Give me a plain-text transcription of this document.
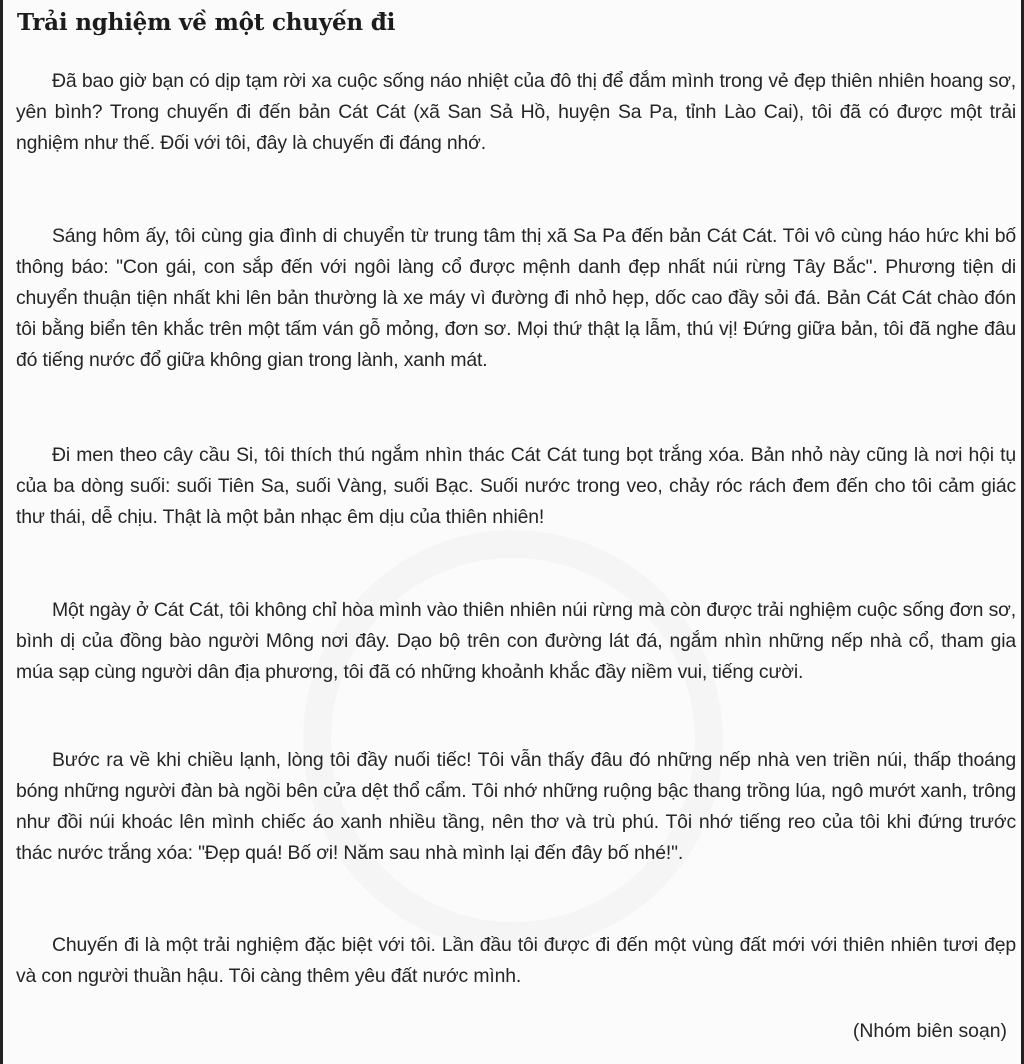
Trải nghiệm về một chuyến đi

Đã bao giờ bạn có dịp tạm rời xa cuộc sống náo nhiệt của đô thị để đắm mình trong vẻ đẹp thiên nhiên hoang sơ, yên bình? Trong chuyến đi đến bản Cát Cát (xã San Sả Hồ, huyện Sa Pa, tỉnh Lào Cai), tôi đã có được một trải nghiệm như thế. Đối với tôi, đây là chuyến đi đáng nhớ.

Sáng hôm ấy, tôi cùng gia đình di chuyển từ trung tâm thị xã Sa Pa đến bản Cát Cát. Tôi vô cùng háo hức khi bố thông báo: "Con gái, con sắp đến với ngôi làng cổ được mệnh danh đẹp nhất núi rừng Tây Bắc". Phương tiện di chuyển thuận tiện nhất khi lên bản thường là xe máy vì đường đi nhỏ hẹp, dốc cao đầy sỏi đá. Bản Cát Cát chào đón tôi bằng biển tên khắc trên một tấm ván gỗ mỏng, đơn sơ. Mọi thứ thật lạ lẫm, thú vị! Đứng giữa bản, tôi đã nghe đâu đó tiếng nước đổ giữa không gian trong lành, xanh mát.

Đi men theo cây cầu Si, tôi thích thú ngắm nhìn thác Cát Cát tung bọt trắng xóa. Bản nhỏ này cũng là nơi hội tụ của ba dòng suối: suối Tiên Sa, suối Vàng, suối Bạc. Suối nước trong veo, chảy róc rách đem đến cho tôi cảm giác thư thái, dễ chịu. Thật là một bản nhạc êm dịu của thiên nhiên!

Một ngày ở Cát Cát, tôi không chỉ hòa mình vào thiên nhiên núi rừng mà còn được trải nghiệm cuộc sống đơn sơ, bình dị của đồng bào người Mông nơi đây. Dạo bộ trên con đường lát đá, ngắm nhìn những nếp nhà cổ, tham gia múa sạp cùng người dân địa phương, tôi đã có những khoảnh khắc đầy niềm vui, tiếng cười.

Bước ra về khi chiều lạnh, lòng tôi đầy nuối tiếc! Tôi vẫn thấy đâu đó những nếp nhà ven triền núi, thấp thoáng bóng những người đàn bà ngồi bên cửa dệt thổ cẩm. Tôi nhớ những ruộng bậc thang trồng lúa, ngô mướt xanh, trông như đồi núi khoác lên mình chiếc áo xanh nhiều tầng, nên thơ và trù phú. Tôi nhớ tiếng reo của tôi khi đứng trước thác nước trắng xóa: "Đẹp quá! Bố ơi! Năm sau nhà mình lại đến đây bố nhé!".

Chuyến đi là một trải nghiệm đặc biệt với tôi. Lần đầu tôi được đi đến một vùng đất mới với thiên nhiên tươi đẹp và con người thuần hậu. Tôi càng thêm yêu đất nước mình.

(Nhóm biên soạn)
